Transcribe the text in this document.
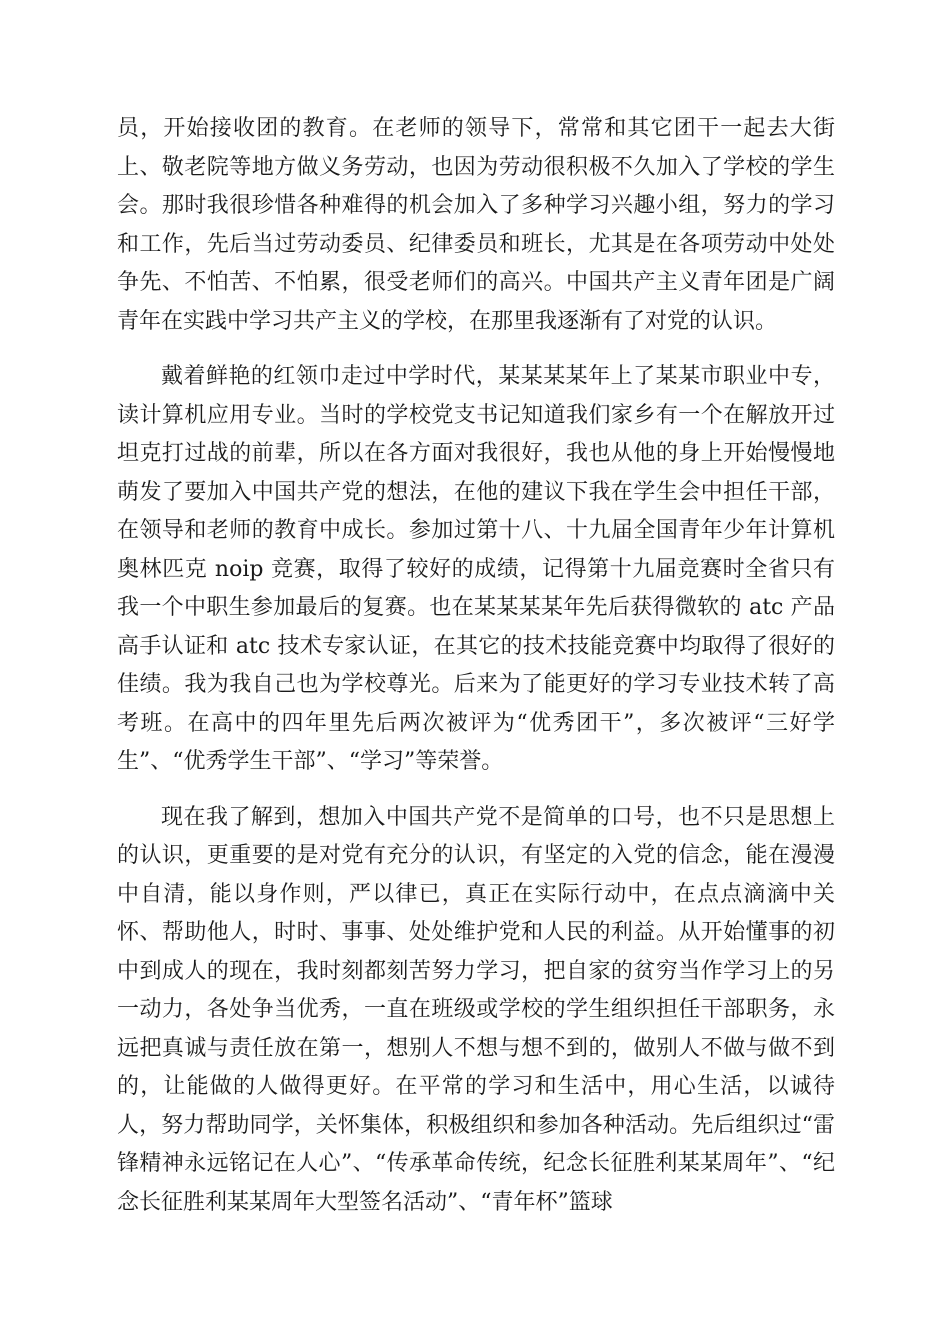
员，开始接收团的教育。在老师的领导下，常常和其它团干一起去大街上、敬老院等地方做义务劳动，也因为劳动很积极不久加入了学校的学生会。那时我很珍惜各种难得的机会加入了多种学习兴趣小组，努力的学习和工作，先后当过劳动委员、纪律委员和班长，尤其是在各项劳动中处处争先、不怕苦、不怕累，很受老师们的高兴。中国共产主义青年团是广阔青年在实践中学习共产主义的学校，在那里我逐渐有了对党的认识。

戴着鲜艳的红领巾走过中学时代，某某某某年上了某某市职业中专，读计算机应用专业。当时的学校党支书记知道我们家乡有一个在解放开过坦克打过战的前辈，所以在各方面对我很好，我也从他的身上开始慢慢地萌发了要加入中国共产党的想法，在他的建议下我在学生会中担任干部，在领导和老师的教育中成长。参加过第十八、十九届全国青年少年计算机奥林匹克 noip 竞赛，取得了较好的成绩，记得第十九届竞赛时全省只有我一个中职生参加最后的复赛。也在某某某某年先后获得微软的 atc 产品高手认证和 atc 技术专家认证，在其它的技术技能竞赛中均取得了很好的佳绩。我为我自己也为学校尊光。后来为了能更好的学习专业技术转了高考班。在高中的四年里先后两次被评为“优秀团干”，多次被评“三好学生”、“优秀学生干部”、“学习”等荣誉。

现在我了解到，想加入中国共产党不是简单的口号，也不只是思想上的认识，更重要的是对党有充分的认识，有坚定的入党的信念，能在漫漫中自清，能以身作则，严以律已，真正在实际行动中，在点点滴滴中关怀、帮助他人，时时、事事、处处维护党和人民的利益。从开始懂事的初中到成人的现在，我时刻都刻苦努力学习，把自家的贫穷当作学习上的另一动力，各处争当优秀，一直在班级或学校的学生组织担任干部职务，永远把真诚与责任放在第一，想别人不想与想不到的，做别人不做与做不到的，让能做的人做得更好。在平常的学习和生活中，用心生活，以诚待人，努力帮助同学，关怀集体，积极组织和参加各种活动。先后组织过“雷锋精神永远铭记在人心”、“传承革命传统，纪念长征胜利某某周年”、“纪念长征胜利某某周年大型签名活动”、“青年杯”篮球
